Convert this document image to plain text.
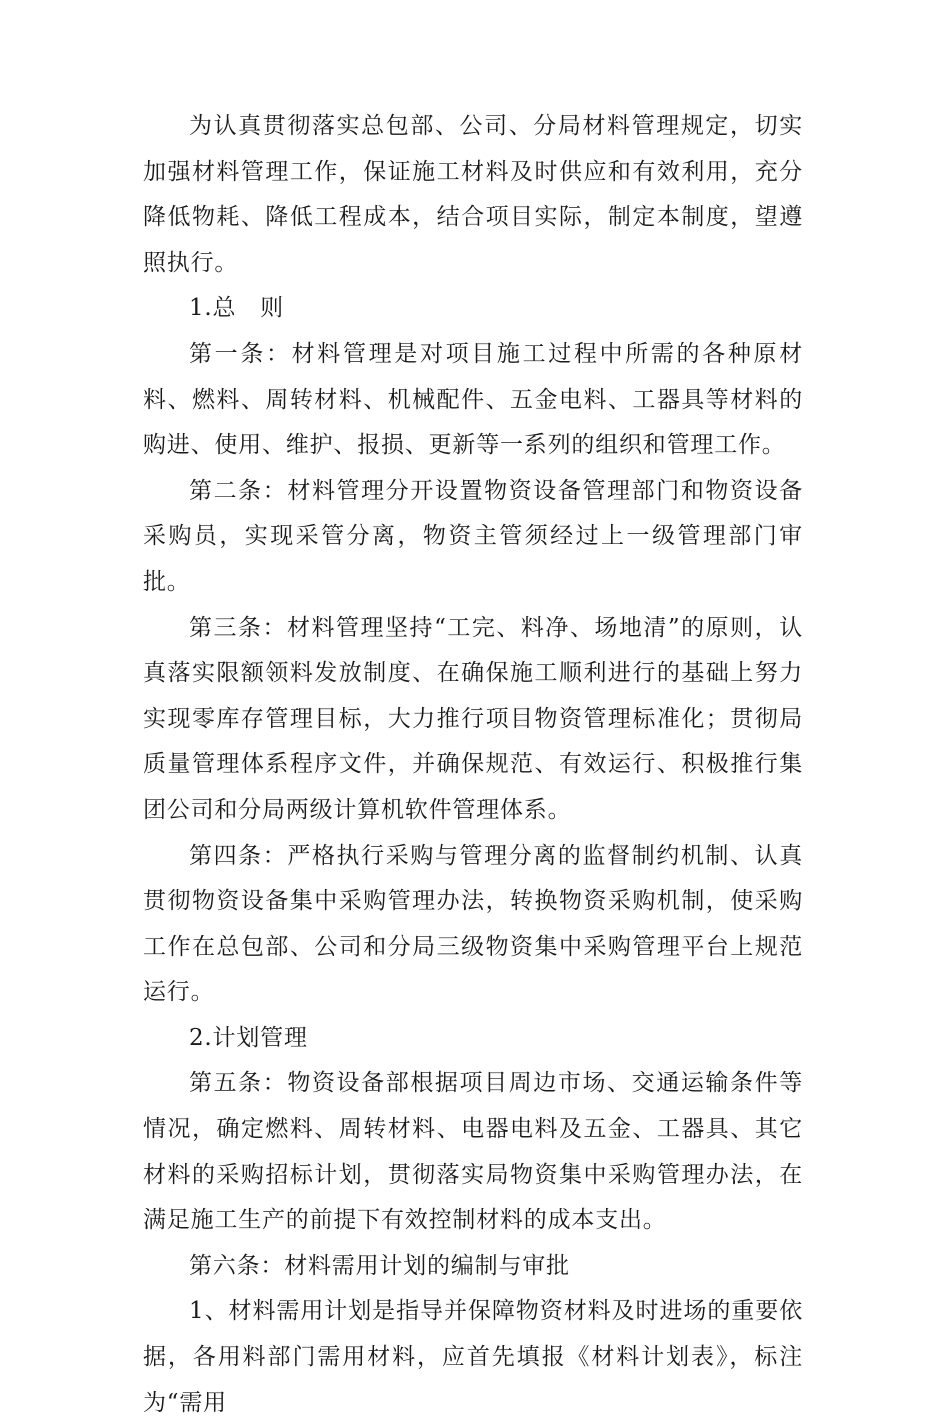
为认真贯彻落实总包部、公司、分局材料管理规定，切实加强材料管理工作，保证施工材料及时供应和有效利用，充分降低物耗、降低工程成本，结合项目实际，制定本制度，望遵照执行。

1.总　则

第一条：材料管理是对项目施工过程中所需的各种原材料、燃料、周转材料、机械配件、五金电料、工器具等材料的购进、使用、维护、报损、更新等一系列的组织和管理工作。

第二条：材料管理分开设置物资设备管理部门和物资设备采购员，实现采管分离，物资主管须经过上一级管理部门审批。

第三条：材料管理坚持“工完、料净、场地清”的原则，认真落实限额领料发放制度、在确保施工顺利进行的基础上努力实现零库存管理目标，大力推行项目物资管理标准化；贯彻局质量管理体系程序文件，并确保规范、有效运行、积极推行集团公司和分局两级计算机软件管理体系。

第四条：严格执行采购与管理分离的监督制约机制、认真贯彻物资设备集中采购管理办法，转换物资采购机制，使采购工作在总包部、公司和分局三级物资集中采购管理平台上规范运行。

2.计划管理

第五条：物资设备部根据项目周边市场、交通运输条件等情况，确定燃料、周转材料、电器电料及五金、工器具、其它材料的采购招标计划，贯彻落实局物资集中采购管理办法，在满足施工生产的前提下有效控制材料的成本支出。

第六条：材料需用计划的编制与审批

1、材料需用计划是指导并保障物资材料及时进场的重要依据，各用料部门需用材料，应首先填报《材料计划表》，标注为“需用
